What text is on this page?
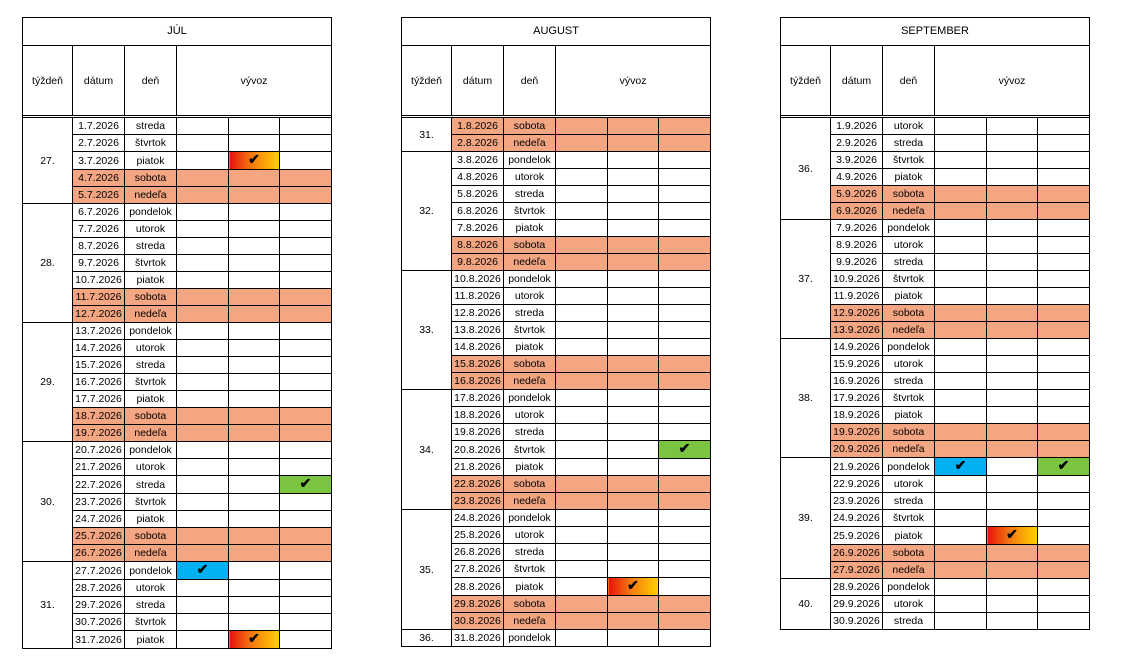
JÚL					
týždeň	dátum	deň	vývoz		

27.	1.7.2026	streda			
	2.7.2026	štvrtok			
	3.7.2026	piatok		✔	
	4.7.2026	sobota			
	5.7.2026	nedeľa			
28.	6.7.2026	pondelok			
	7.7.2026	utorok			
	8.7.2026	streda			
	9.7.2026	štvrtok			
	10.7.2026	piatok			
	11.7.2026	sobota			
	12.7.2026	nedeľa			
29.	13.7.2026	pondelok			
	14.7.2026	utorok			
	15.7.2026	streda			
	16.7.2026	štvrtok			
	17.7.2026	piatok			
	18.7.2026	sobota			
	19.7.2026	nedeľa			
30.	20.7.2026	pondelok			
	21.7.2026	utorok			
	22.7.2026	streda			✔
	23.7.2026	štvrtok			
	24.7.2026	piatok			
	25.7.2026	sobota			
	26.7.2026	nedeľa			
31.	27.7.2026	pondelok	✔		
	28.7.2026	utorok			
	29.7.2026	streda			
	30.7.2026	štvrtok			
	31.7.2026	piatok		✔	
AUGUST					
týždeň	dátum	deň	vývoz		

31.	1.8.2026	sobota			
	2.8.2026	nedeľa			
32.	3.8.2026	pondelok			
	4.8.2026	utorok			
	5.8.2026	streda			
	6.8.2026	štvrtok			
	7.8.2026	piatok			
	8.8.2026	sobota			
	9.8.2026	nedeľa			
33.	10.8.2026	pondelok			
	11.8.2026	utorok			
	12.8.2026	streda			
	13.8.2026	štvrtok			
	14.8.2026	piatok			
	15.8.2026	sobota			
	16.8.2026	nedeľa			
34.	17.8.2026	pondelok			
	18.8.2026	utorok			
	19.8.2026	streda			
	20.8.2026	štvrtok			✔
	21.8.2026	piatok			
	22.8.2026	sobota			
	23.8.2026	nedeľa			
35.	24.8.2026	pondelok			
	25.8.2026	utorok			
	26.8.2026	streda			
	27.8.2026	štvrtok			
	28.8.2026	piatok		✔	
	29.8.2026	sobota			
	30.8.2026	nedeľa			
36.	31.8.2026	pondelok			
SEPTEMBER					
týždeň	dátum	deň	vývoz		

36.	1.9.2026	utorok			
	2.9.2026	streda			
	3.9.2026	štvrtok			
	4.9.2026	piatok			
	5.9.2026	sobota			
	6.9.2026	nedeľa			
37.	7.9.2026	pondelok			
	8.9.2026	utorok			
	9.9.2026	streda			
	10.9.2026	štvrtok			
	11.9.2026	piatok			
	12.9.2026	sobota			
	13.9.2026	nedeľa			
38.	14.9.2026	pondelok			
	15.9.2026	utorok			
	16.9.2026	streda			
	17.9.2026	štvrtok			
	18.9.2026	piatok			
	19.9.2026	sobota			
	20.9.2026	nedeľa			
39.	21.9.2026	pondelok	✔		✔
	22.9.2026	utorok			
	23.9.2026	streda			
	24.9.2026	štvrtok			
	25.9.2026	piatok		✔	
	26.9.2026	sobota			
	27.9.2026	nedeľa			
40.	28.9.2026	pondelok			
	29.9.2026	utorok			
	30.9.2026	streda			
